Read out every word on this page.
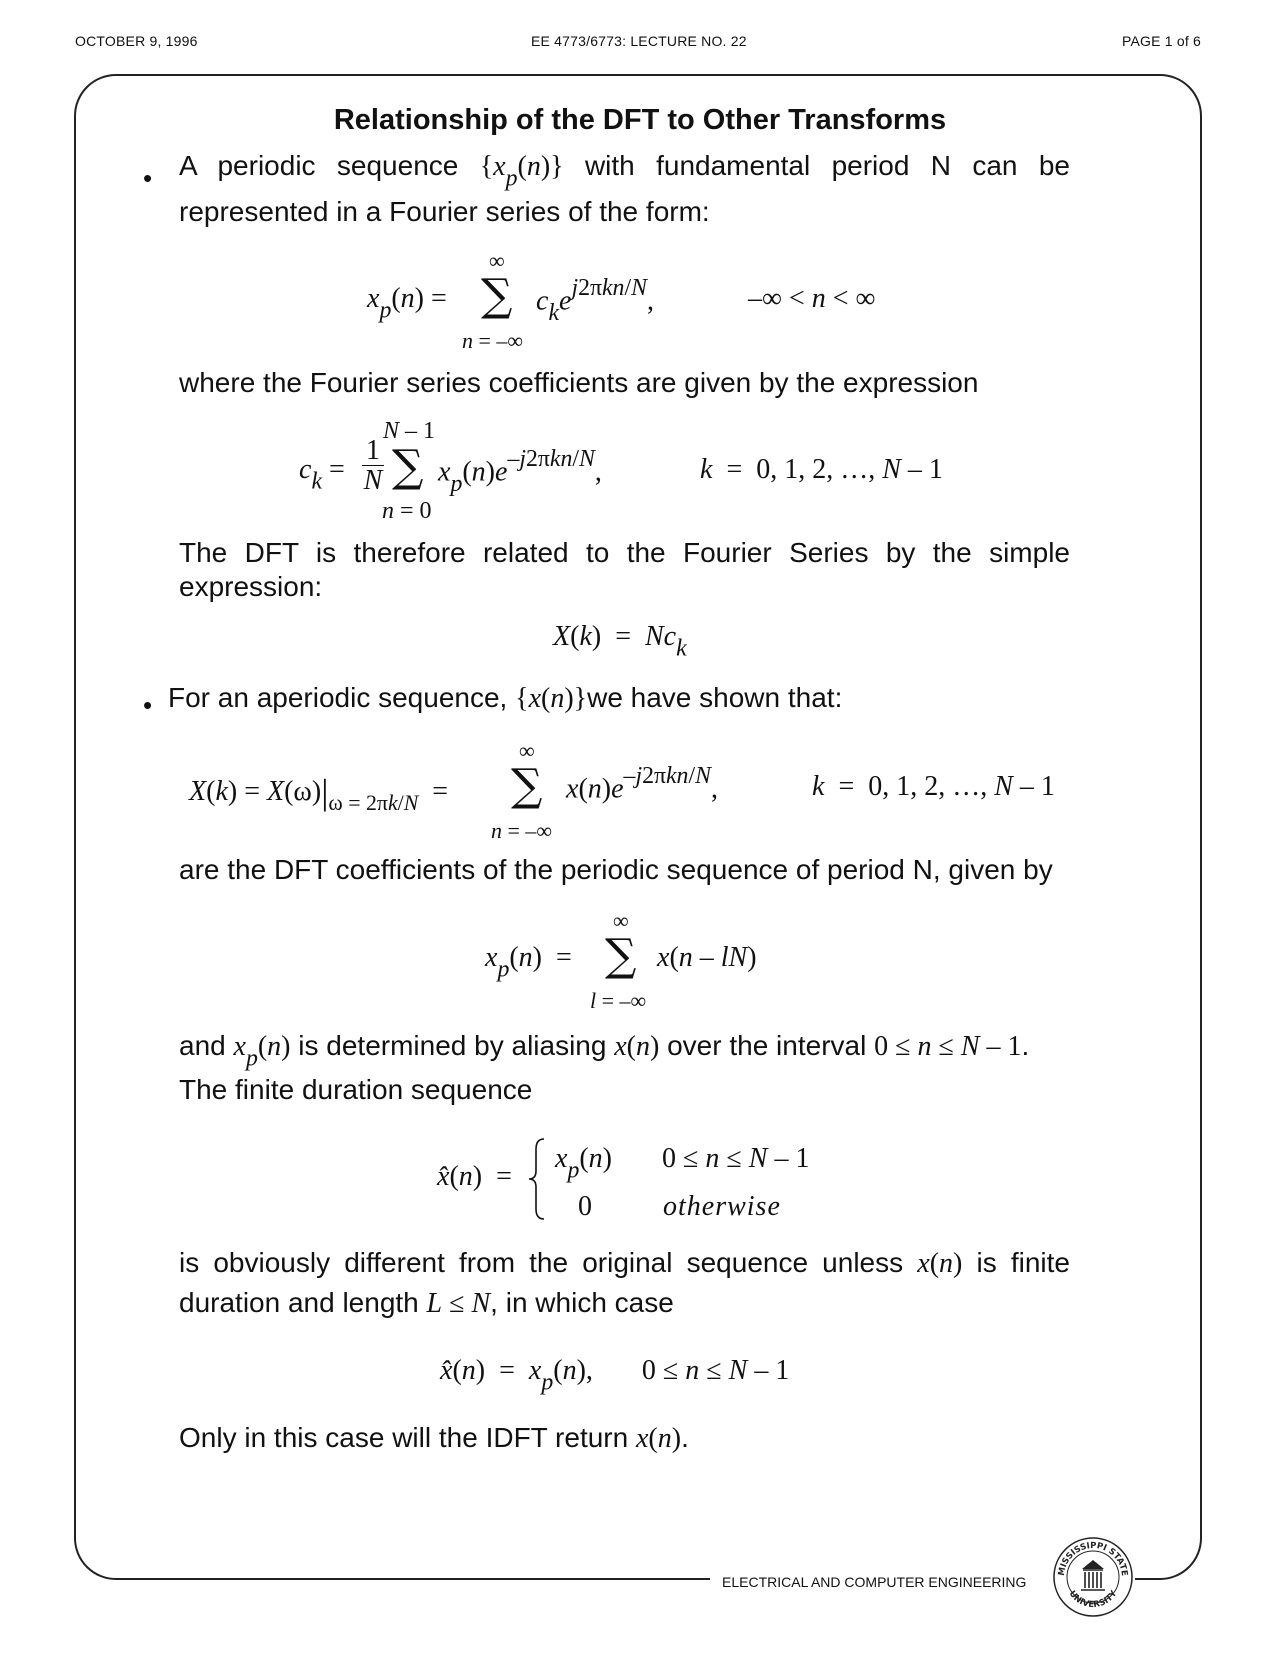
OCTOBER 9, 1996	EE 4773/6773: LECTURE NO. 22	PAGE 1 of 6
ELECTRICAL AND COMPUTER ENGINEERING
MISSISSIPPI STATE
UNIVERSITY
Relationship of the DFT to Other Transforms
• A periodic sequence $\{x_p(n)\}$ with fundamental period N can be
represented in a Fourier series of the form:
$x_p(n)$ =
∞
∑
n = –∞
$c_ke^{j2\pi kn/N}$,	–∞ < n < ∞
where the Fourier series coefficients are given by the expression
N – 1
$c_k$ =
1
N ∑
n = 0
$x_p(n)e^{-j2\pi kn/N}$,	k  =  0, 1, 2, …, N – 1
The DFT is therefore related to the Fourier Series by the simple
expression:
$X(k) = Nc_k$
• For an aperiodic sequence, {x(n)}we have shown that:
$X(k) = X(\omega)|_{\omega = 2\pi k/N}$  =
∞
∑
n = –∞
$x(n)e^{-j2\pi kn/N}$,	k  =  0, 1, 2, …, N – 1
are the DFT coefficients of the periodic sequence of period N, given by
$x_p(n)$  =
∞
∑
l = –∞
x(n – lN)
and $x_p(n)$ is determined by aliasing x(n) over the interval 0 ≤ n ≤ N – 1.
The finite duration sequence
x̂(n)  =
$x_p(n) 0 \le n \le N - 1$
0	otherwise
is obviously different from the original sequence unless x(n) is finite
duration and length L ≤ N, in which case
x̂(n)  =  $x_p(n)$,       0 ≤ n ≤ N – 1
Only in this case will the IDFT return x(n).
